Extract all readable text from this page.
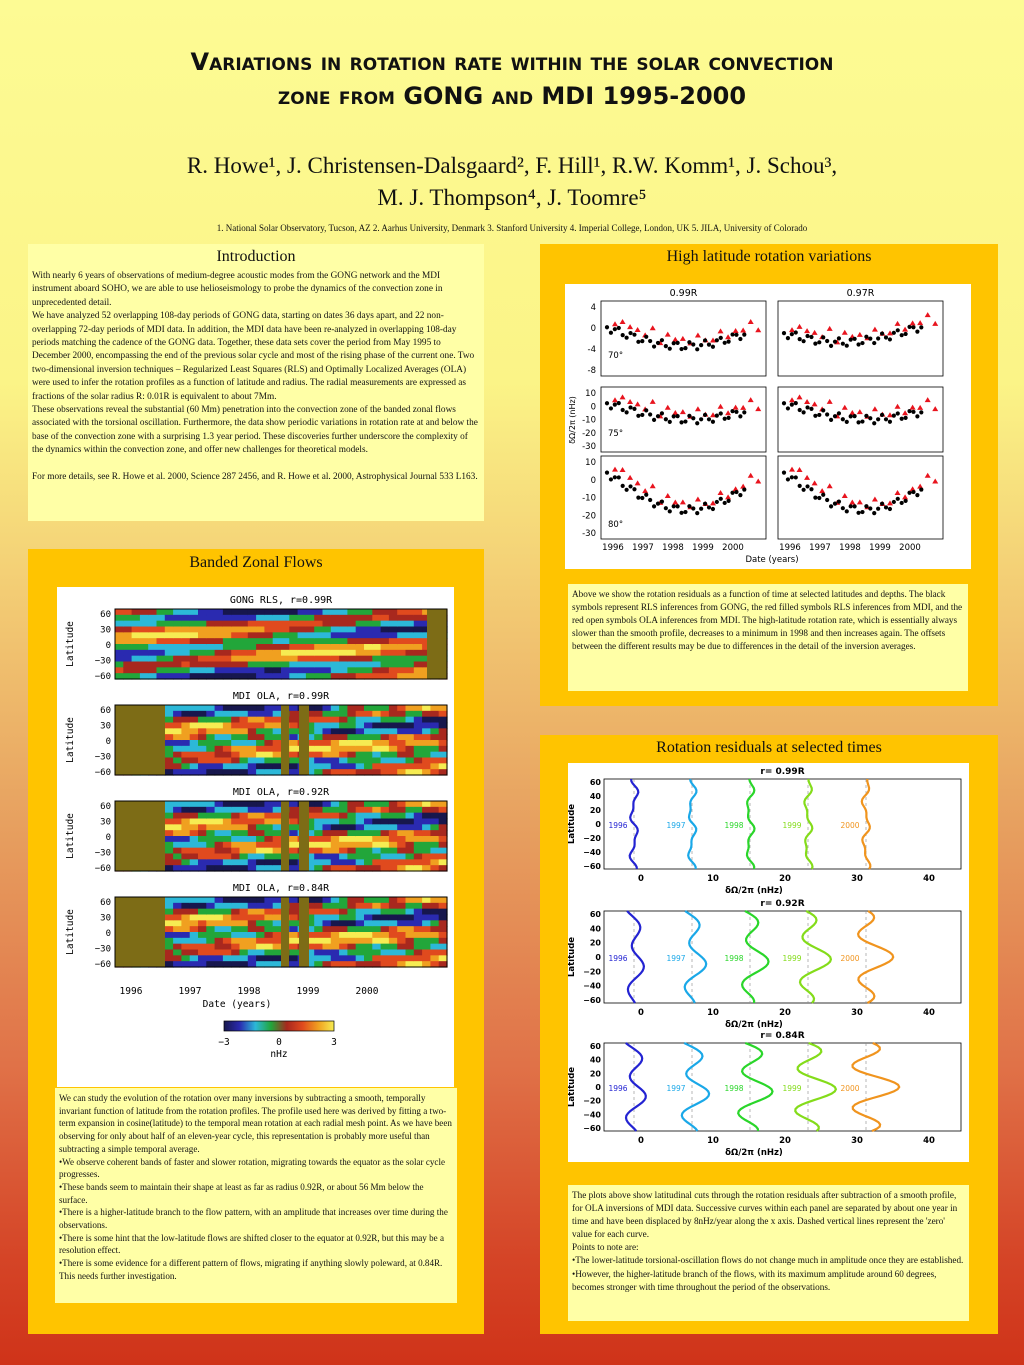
Variations in rotation rate within the solar convection
zone from GONG and MDI 1995-2000
R. Howe¹, J. Christensen-Dalsgaard², F. Hill¹, R.W. Komm¹, J. Schou³,
M. J. Thompson⁴, J. Toomre⁵
1. National Solar Observatory, Tucson, AZ 2. Aarhus University, Denmark 3. Stanford University 4. Imperial College, London, UK 5. JILA, University of Colorado
Introduction

With nearly 6 years of observations of medium-degree acoustic modes from the GONG network and the MDI instrument aboard SOHO, we are able to use helioseismology to probe the dynamics of the convection zone in unprecedented detail.

We have analyzed 52 overlapping 108-day periods of GONG data, starting on dates 36 days apart, and 22 non-overlapping 72-day periods of MDI data. In addition, the MDI data have been re-analyzed in overlapping 108-day periods matching the cadence of the GONG data. Together, these data sets cover the period from May 1995 to December 2000, encompassing the end of the previous solar cycle and most of the rising phase of the current one. Two two-dimensional inversion techniques – Regularized Least Squares (RLS) and Optimally Localized Averages (OLA) were used to infer the rotation profiles as a function of latitude and radius. The radial measurements are expressed as fractions of the solar radius R: 0.01R is equivalent to about 7Mm.

These observations reveal the substantial (60 Mm) penetration into the convection zone of the banded zonal flows associated with the torsional oscillation. Furthermore, the data show periodic variations in rotation rate at and below the base of the convection zone with a surprising 1.3 year period. These discoveries further underscore the complexity of the dynamics within the convection zone, and offer new challenges for theoretical models.

For more details, see R. Howe et al. 2000, Science 287 2456, and R. Howe et al. 2000, Astrophysical Journal 533 L163.

Banded Zonal Flows
GONG RLS, r=0.99R
60
30
0
−30
−60
Latitude
MDI OLA, r=0.99R
60
30
0
−30
−60
Latitude
MDI OLA, r=0.92R
60
30
0
−30
−60
Latitude
MDI OLA, r=0.84R
60
30
0
−30
−60
Latitude
1996	1997	1998	1999	2000
Date (years)
−3	0	3
nHz

We can study the evolution of the rotation over many inversions by subtracting a smooth, temporally invariant function of latitude from the rotation profiles. The profile used here was derived by fitting a two-term expansion in cosine(latitude) to the temporal mean rotation at each radial mesh point. As we have been observing for only about half of an eleven-year cycle, this representation is probably more useful than subtracting a simple temporal average.

•We observe coherent bands of faster and slower rotation, migrating towards the equator as the solar cycle progresses.

•These bands seem to maintain their shape at least as far as radius 0.92R, or about 56 Mm below the surface.

•There is a higher-latitude branch to the flow pattern, with an amplitude that increases over time during the observations.

•There is some hint that the low-latitude flows are shifted closer to the equator at 0.92R, but this may be a resolution effect.

•There is some evidence for a different pattern of flows, migrating if anything slowly poleward, at 0.84R. This needs further investigation.

High latitude rotation variations
0.99R	0.97R
70°
4
0
-4
-8
75°
10
0
-10
-20
-30
80°
10
0
-10
-20
-30
δΩ/2π (nHz)
1996 1997 1998 1999 2000	1996 1997 1998 1999 2000
Date (years)

Above we show the rotation residuals as a function of time at selected latitudes and depths. The black symbols represent RLS inferences from GONG, the red filled symbols RLS inferences from MDI, and the red open symbols OLA inferences from MDI. The high-latitude rotation rate, which is essentially always slower than the smooth profile, decreases to a minimum in 1998 and then increases again. The offsets between the different results may be due to differences in the detail of the inversion averages.

Rotation residuals at selected times
r= 0.99R
60
40
20
0
−20
−40
−60
Latitude	1996	1997	1998	1999	2000
0	10	20	30	40
δΩ/2π (nHz)
r= 0.92R
60
40
20
0
−20
−40
−60
Latitude	1996	1997	1998	1999	2000
0	10	20	30	40
δΩ/2π (nHz)
r= 0.84R
60
40
20
0
−20
−40
−60
Latitude	1996	1997	1998	1999	2000
0	10	20	30	40
δΩ/2π (nHz)

The plots above show latitudinal cuts through the rotation residuals after subtraction of a smooth profile, for OLA inversions of MDI data. Successive curves within each panel are separated by about one year in time and have been displaced by 8nHz/year along the x axis. Dashed vertical lines represent the 'zero' value for each curve.

Points to note are:

•The lower-latitude torsional-oscillation flows do not change much in amplitude once they are established.

•However, the higher-latitude branch of the flows, with its maximum amplitude around 60 degrees, becomes stronger with time throughout the period of the observations.
